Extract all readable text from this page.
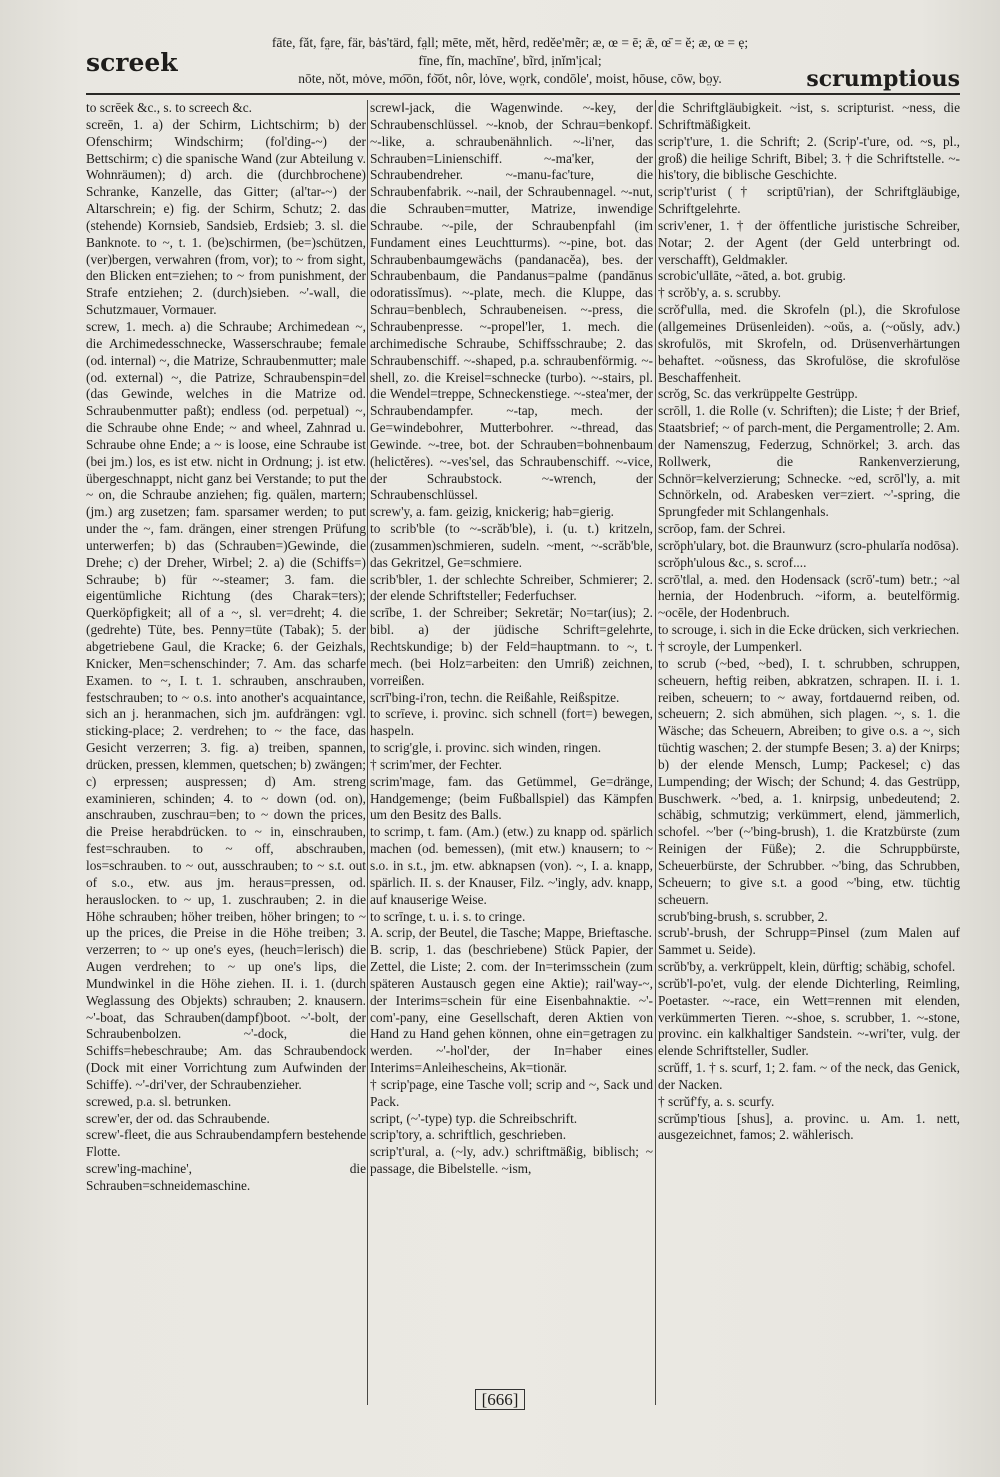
screek
fāte, făt, fa̤re, fär, bȧs'tärd, fa̤ll; mēte, mĕt, hẽrd, redĕe'mẽr; æ, œ = ē; ǣ, œ̄ = ĕ; æ, œ = ẹ;
fīne, fĭn, machīne', bĩrd, ịnĭm'ịcal;
nōte, nŏt, mȯve, mo͞on, fo͝ot, nôr, lȯve, wo̤rk, condōle', moist, hōuse, cōw, bo̤y.	scrumptious

to scrēek &c., s. to screech &c.

screēn, 1. a) der Schirm, Lichtschirm; b) der Ofenschirm; Windschirm; (fol'ding-~) der Bettschirm; c) die spanische Wand (zur Abteilung v. Wohnräumen); d) arch. die (durchbrochene) Schranke, Kanzelle, das Gitter; (al'tar-~) der Altarschrein; e) fig. der Schirm, Schutz; 2. das (stehende) Kornsieb, Sandsieb, Erdsieb; 3. sl. die Banknote. to ~, t. 1. (be)schirmen, (be=)schützen, (ver)bergen, verwahren (from, vor); to ~ from sight, den Blicken ent=ziehen; to ~ from punishment, der Strafe entziehen; 2. (durch)sieben. ~'-wall, die Schutzmauer, Vormauer.

screw, 1. mech. a) die Schraube; Archimedean ~, die Archimedesschnecke, Wasserschraube; female (od. internal) ~, die Matrize, Schraubenmutter; male (od. external) ~, die Patrize, Schraubenspin=del (das Gewinde, welches in die Matrize od. Schraubenmutter paßt); endless (od. perpetual) ~, die Schraube ohne Ende; ~ and wheel, Zahnrad u. Schraube ohne Ende; a ~ is loose, eine Schraube ist (bei jm.) los, es ist etw. nicht in Ordnung; j. ist etw. übergeschnappt, nicht ganz bei Verstande; to put the ~ on, die Schraube anziehen; fig. quälen, martern; (jm.) arg zusetzen; fam. sparsamer werden; to put under the ~, fam. drängen, einer strengen Prüfung unterwerfen; b) das (Schrauben=)Gewinde, die Drehe; c) der Dreher, Wirbel; 2. a) die (Schiffs=) Schraube; b) für ~-steamer; 3. fam. die eigentümliche Richtung (des Charak=ters); Querköpfigkeit; all of a ~, sl. ver=dreht; 4. die (gedrehte) Tüte, bes. Penny=tüte (Tabak); 5. der abgetriebene Gaul, die Kracke; 6. der Geizhals, Knicker, Men=schenschinder; 7. Am. das scharfe Examen. to ~, I. t. 1. schrauben, anschrauben, festschrauben; to ~ o.s. into another's acquaintance, sich an j. heranmachen, sich jm. aufdrängen: vgl. sticking-place; 2. verdrehen; to ~ the face, das Gesicht verzerren; 3. fig. a) treiben, spannen, drücken, pressen, klemmen, quetschen; b) zwängen; c) erpressen; auspressen; d) Am. streng examinieren, schinden; 4. to ~ down (od. on), anschrauben, zuschrau=ben; to ~ down the prices, die Preise herabdrücken. to ~ in, einschrauben, fest=schrauben. to ~ off, abschrauben, los=schrauben. to ~ out, ausschrauben; to ~ s.t. out of s.o., etw. aus jm. heraus=pressen, od. herauslocken. to ~ up, 1. zuschrauben; 2. in die Höhe schrauben; höher treiben, höher bringen; to ~ up the prices, die Preise in die Höhe treiben; 3. verzerren; to ~ up one's eyes, (heuch=lerisch) die Augen verdrehen; to ~ up one's lips, die Mundwinkel in die Höhe ziehen. II. i. 1. (durch Weglassung des Objekts) schrauben; 2. knausern. ~'-boat, das Schrauben(dampf)boot. ~'-bolt, der Schraubenbolzen. ~'-dock, die Schiffs=hebeschraube; Am. das Schraubendock (Dock mit einer Vorrichtung zum Aufwinden der Schiffe). ~'-dri'ver, der Schraubenzieher.

screwed, p.a. sl. betrunken.

screw'er, der od. das Schraubende.

screw'-fleet, die aus Schraubendampfern bestehende Flotte.

screw'ing-machine', die Schrauben=schneidemaschine.

screw‖-jack, die Wagenwinde. ~-key, der Schraubenschlüssel. ~-knob, der Schrau=benkopf. ~-like, a. schraubenähnlich. ~-li'ner, das Schrauben=Linienschiff. ~-ma'ker, der Schraubendreher. ~-manu-fac'ture, die Schraubenfabrik. ~-nail, der Schraubennagel. ~-nut, die Schrauben=mutter, Matrize, inwendige Schraube. ~-pile, der Schraubenpfahl (im Fundament eines Leuchtturms). ~-pine, bot. das Schraubenbaumgewächs (pandanacĕa), bes. der Schraubenbaum, die Pandanus=palme (pandānus odoratissĭmus). ~-plate, mech. die Kluppe, das Schrau=benblech, Schraubeneisen. ~-press, die Schraubenpresse. ~-propel'ler, 1. mech. die archimedische Schraube, Schiffsschraube; 2. das Schraubenschiff. ~-shaped, p.a. schraubenförmig. ~-shell, zo. die Kreisel=schnecke (turbo). ~-stairs, pl. die Wendel=treppe, Schneckenstiege. ~-stea'mer, der Schraubendampfer. ~-tap, mech. der Ge=windebohrer, Mutterbohrer. ~-thread, das Gewinde. ~-tree, bot. der Schrauben=bohnenbaum (helictĕres). ~-ves'sel, das Schraubenschiff. ~-vice, der Schraubstock. ~-wrench, der Schraubenschlüssel.

screw'y, a. fam. geizig, knickerig; hab=gierig.

to scrib'ble (to ~-scrăb'ble), i. (u. t.) kritzeln, (zusammen)schmieren, sudeln. ~ment, ~-scrăb'ble, das Gekritzel, Ge=schmiere.

scrib'bler, 1. der schlechte Schreiber, Schmierer; 2. der elende Schriftsteller; Federfuchser.

scrībe, 1. der Schreiber; Sekretär; No=tar(ius); 2. bibl. a) der jüdische Schrift=gelehrte, Rechtskundige; b) der Feld=hauptmann. to ~, t. mech. (bei Holz=arbeiten: den Umriß) zeichnen, vorreißen.

scrī'bing-i'ron, techn. die Reißahle, Reißspitze.

to scrīeve, i. provinc. sich schnell (fort=) bewegen, haspeln.

to scrig'gle, i. provinc. sich winden, ringen.

† scrim'mer, der Fechter.

scrim'mage, fam. das Getümmel, Ge=dränge, Handgemenge; (beim Fußballspiel) das Kämpfen um den Besitz des Balls.

to scrimp, t. fam. (Am.) (etw.) zu knapp od. spärlich machen (od. bemessen), (mit etw.) knausern; to ~ s.o. in s.t., jm. etw. abknapsen (von). ~, I. a. knapp, spärlich. II. s. der Knauser, Filz. ~'ingly, adv. knapp, auf knauserige Weise.

to scrīnge, t. u. i. s. to cringe.

A. scrip, der Beutel, die Tasche; Mappe, Brieftasche.

B. scrip, 1. das (beschriebene) Stück Papier, der Zettel, die Liste; 2. com. der In=terimsschein (zum späteren Austausch gegen eine Aktie); rail'way-~, der Interims=schein für eine Eisenbahnaktie. ~'-com'-pany, eine Gesellschaft, deren Aktien von Hand zu Hand gehen können, ohne ein=getragen zu werden. ~'-hol'der, der In=haber eines Interims=Anleihescheins, Ak=tionär.

† scrip'page, eine Tasche voll; scrip and ~, Sack und Pack.

script, (~'-type) typ. die Schreibschrift.

scrip'tory, a. schriftlich, geschrieben.

scrip't'ural, a. (~ly, adv.) schriftmäßig, biblisch; ~ passage, die Bibelstelle. ~ism,

die Schriftgläubigkeit. ~ist, s. scripturist. ~ness, die Schriftmäßigkeit.

scrip't'ure, 1. die Schrift; 2. (Scrip'-t'ure, od. ~s, pl., groß) die heilige Schrift, Bibel; 3. † die Schriftstelle. ~-his'tory, die biblische Geschichte.

scrip't'urist († scriptū'rian), der Schriftgläubige, Schriftgelehrte.

scriv'ener, 1. † der öffentliche juristische Schreiber, Notar; 2. der Agent (der Geld unterbringt od. verschafft), Geldmakler.

scrobic'ul‖āte, ~āted, a. bot. grubig.

† scrŏb'y, a. s. scrubby.

scrŏf'ul‖a, med. die Skrofeln (pl.), die Skrofulose (allgemeines Drüsenleiden). ~oŭs, a. (~oŭsly, adv.) skrofulös, mit Skrofeln, od. Drüsenverhärtungen behaftet. ~oŭsness, das Skrofulöse, die skrofulöse Beschaffenheit.

scrŏg, Sc. das verkrüppelte Gestrüpp.

scrōll, 1. die Rolle (v. Schriften); die Liste; † der Brief, Staatsbrief; ~ of parch-ment, die Pergamentrolle; 2. Am. der Namenszug, Federzug, Schnörkel; 3. arch. das Rollwerk, die Rankenverzierung, Schnör=kelverzierung; Schnecke. ~ed, scrōl'ly, a. mit Schnörkeln, od. Arabesken ver=ziert. ~'-spring, die Sprungfeder mit Schlangenhals.

scrōop, fam. der Schrei.

scrŏph'ulary, bot. die Braunwurz (scro-phularĭa nodōsa).

scrŏph'ulous &c., s. scrof....

scrō't‖al, a. med. den Hodensack (scrō'-tum) betr.; ~al hernia, der Hodenbruch. ~iform, a. beutelförmig. ~ocēle, der Hodenbruch.

to scrouge, i. sich in die Ecke drücken, sich verkriechen.

† scroyle, der Lumpenkerl.

to scrub (~bed, ~bed), I. t. schrubben, schruppen, scheuern, heftig reiben, abkratzen, schrapen. II. i. 1. reiben, scheuern; to ~ away, fortdauernd reiben, od. scheuern; 2. sich abmühen, sich plagen. ~, s. 1. die Wäsche; das Scheuern, Abreiben; to give o.s. a ~, sich tüchtig waschen; 2. der stumpfe Besen; 3. a) der Knirps; b) der elende Mensch, Lump; Packesel; c) das Lumpending; der Wisch; der Schund; 4. das Gestrüpp, Buschwerk. ~'bed, a. 1. knirpsig, unbedeutend; 2. schäbig, schmutzig; verkümmert, elend, jämmerlich, schofel. ~'ber (~'bing-brush), 1. die Kratzbürste (zum Reinigen der Füße); 2. die Schruppbürste, Scheuerbürste, der Schrubber. ~'bing, das Schrubben, Scheuern; to give s.t. a good ~'bing, etw. tüchtig scheuern.

scrub'bing-brush, s. scrubber, 2.

scrub'-brush, der Schrupp=Pinsel (zum Malen auf Sammet u. Seide).

scrŭb'by, a. verkrüppelt, klein, dürftig; schäbig, schofel.

scrŭb'‖-po'et, vulg. der elende Dichterling, Reimling, Poetaster. ~-race, ein Wett=rennen mit elenden, verkümmerten Tieren. ~-shoe, s. scrubber, 1. ~-stone, provinc. ein kalkhaltiger Sandstein. ~-wri'ter, vulg. der elende Schriftsteller, Sudler.

scrŭff, 1. † s. scurf, 1; 2. fam. ~ of the neck, das Genick, der Nacken.

† scrŭf'fy, a. s. scurfy.

scrŭmp'tious [shus], a. provinc. u. Am. 1. nett, ausgezeichnet, famos; 2. wählerisch.

[666]
